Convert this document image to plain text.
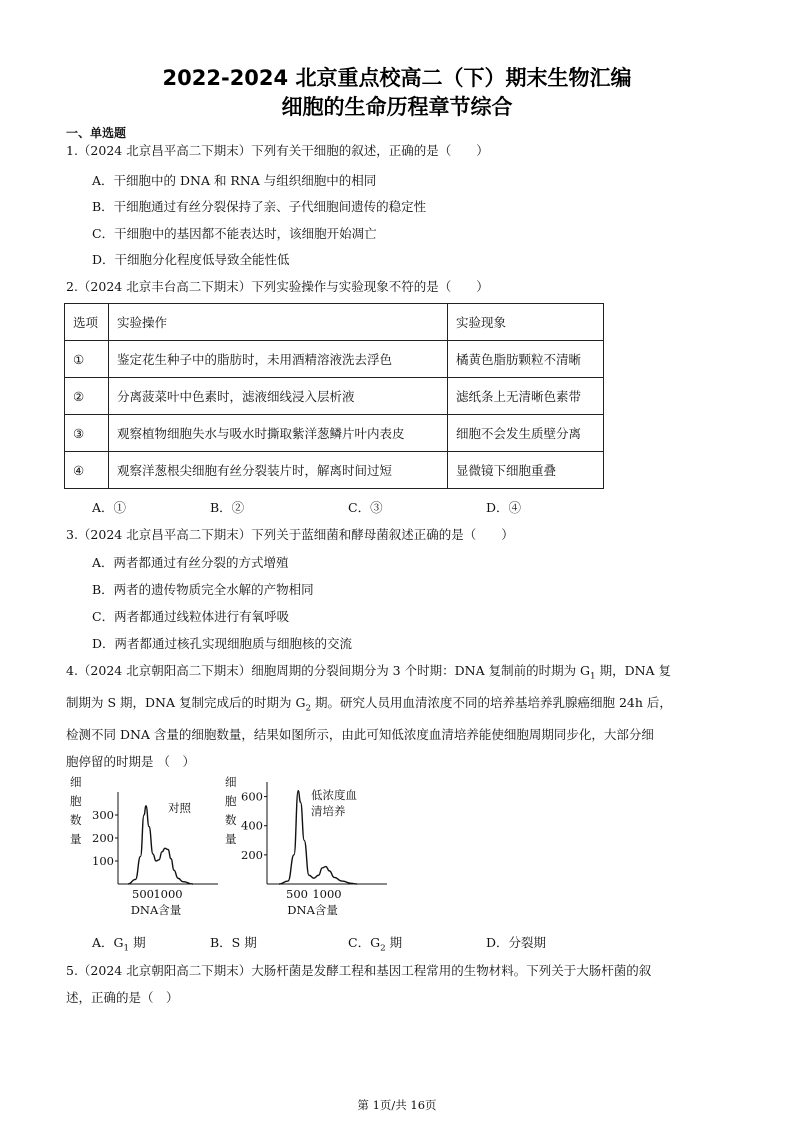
2022-2024 北京重点校高二（下）期末生物汇编
细胞的生命历程章节综合
一、单选题
1.（2024 北京昌平高二下期末）下列有关干细胞的叙述，正确的是（　　）
A．干细胞中的 DNA 和 RNA 与组织细胞中的相同
B．干细胞通过有丝分裂保持了亲、子代细胞间遗传的稳定性
C．干细胞中的基因都不能表达时，该细胞开始凋亡
D．干细胞分化程度低导致全能性低
2.（2024 北京丰台高二下期末）下列实验操作与实验现象不符的是（　　）
选项	实验操作	实验现象
①	鉴定花生种子中的脂肪时，未用酒精溶液洗去浮色	橘黄色脂肪颗粒不清晰
②	分离菠菜叶中色素时，滤液细线浸入层析液	滤纸条上无清晰色素带
③	观察植物细胞失水与吸水时撕取紫洋葱鳞片叶内表皮	细胞不会发生质壁分离
④	观察洋葱根尖细胞有丝分裂装片时，解离时间过短	显微镜下细胞重叠
A．①	B．②	C．③	D．④
3.（2024 北京昌平高二下期末）下列关于蓝细菌和酵母菌叙述正确的是（　　）
A．两者都通过有丝分裂的方式增殖
B．两者的遗传物质完全水解的产物相同
C．两者都通过线粒体进行有氧呼吸
D．两者都通过核孔实现细胞质与细胞核的交流
4.（2024 北京朝阳高二下期末）细胞周期的分裂间期分为 3 个时期：DNA 复制前的时期为 $G_1$ 期，DNA 复
制期为 S 期，DNA 复制完成后的时期为 $G_2$ 期。研究人员用血清浓度不同的培养基培养乳腺癌细胞 24h 后，
检测不同 DNA 含量的细胞数量，结果如图所示，由此可知低浓度血清培养能使细胞周期同步化，大部分细
胞停留的时期是 （　）
细
胞
数
量
100
200
300
500 1000
DNA含量
对照
细
胞
数
量
200
400
600
500 1000
DNA含量
低浓度血
清培养
A．$G_1$ 期	B．S 期	C．$G_2$ 期	D．分裂期
5.（2024 北京朝阳高二下期末）大肠杆菌是发酵工程和基因工程常用的生物材料。下列关于大肠杆菌的叙
述，正确的是（　）
第 1页/共 16页
